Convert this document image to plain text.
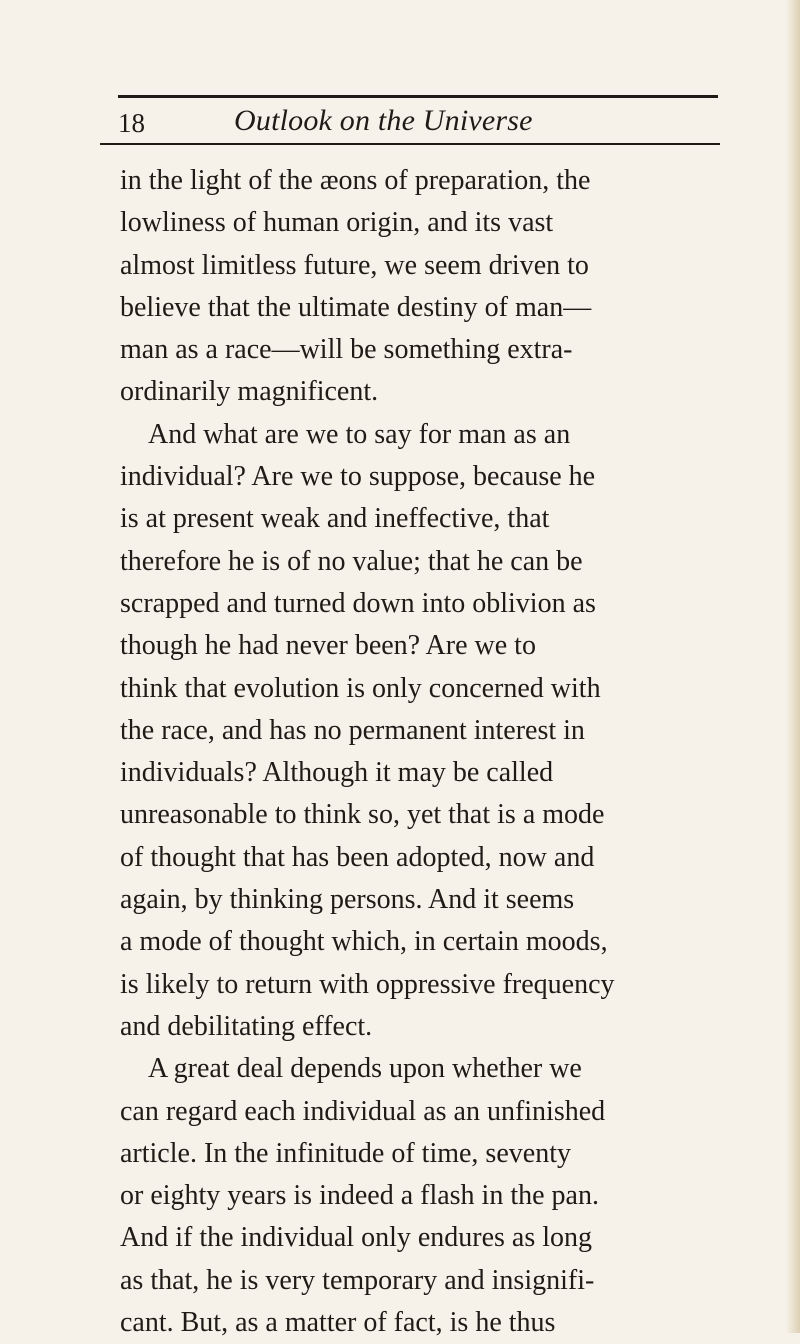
18	Outlook on the Universe
in the light of the æons of preparation, the
lowliness of human origin, and its vast
almost limitless future, we seem driven to
believe that the ultimate destiny of man—
man as a race—will be something extra-
ordinarily magnificent.
And what are we to say for man as an
individual? Are we to suppose, because he
is at present weak and ineffective, that
therefore he is of no value; that he can be
scrapped and turned down into oblivion as
though he had never been? Are we to
think that evolution is only concerned with
the race, and has no permanent interest in
individuals? Although it may be called
unreasonable to think so, yet that is a mode
of thought that has been adopted, now and
again, by thinking persons. And it seems
a mode of thought which, in certain moods,
is likely to return with oppressive frequency
and debilitating effect.
A great deal depends upon whether we
can regard each individual as an unfinished
article. In the infinitude of time, seventy
or eighty years is indeed a flash in the pan.
And if the individual only endures as long
as that, he is very temporary and insignifi-
cant. But, as a matter of fact, is he thus
